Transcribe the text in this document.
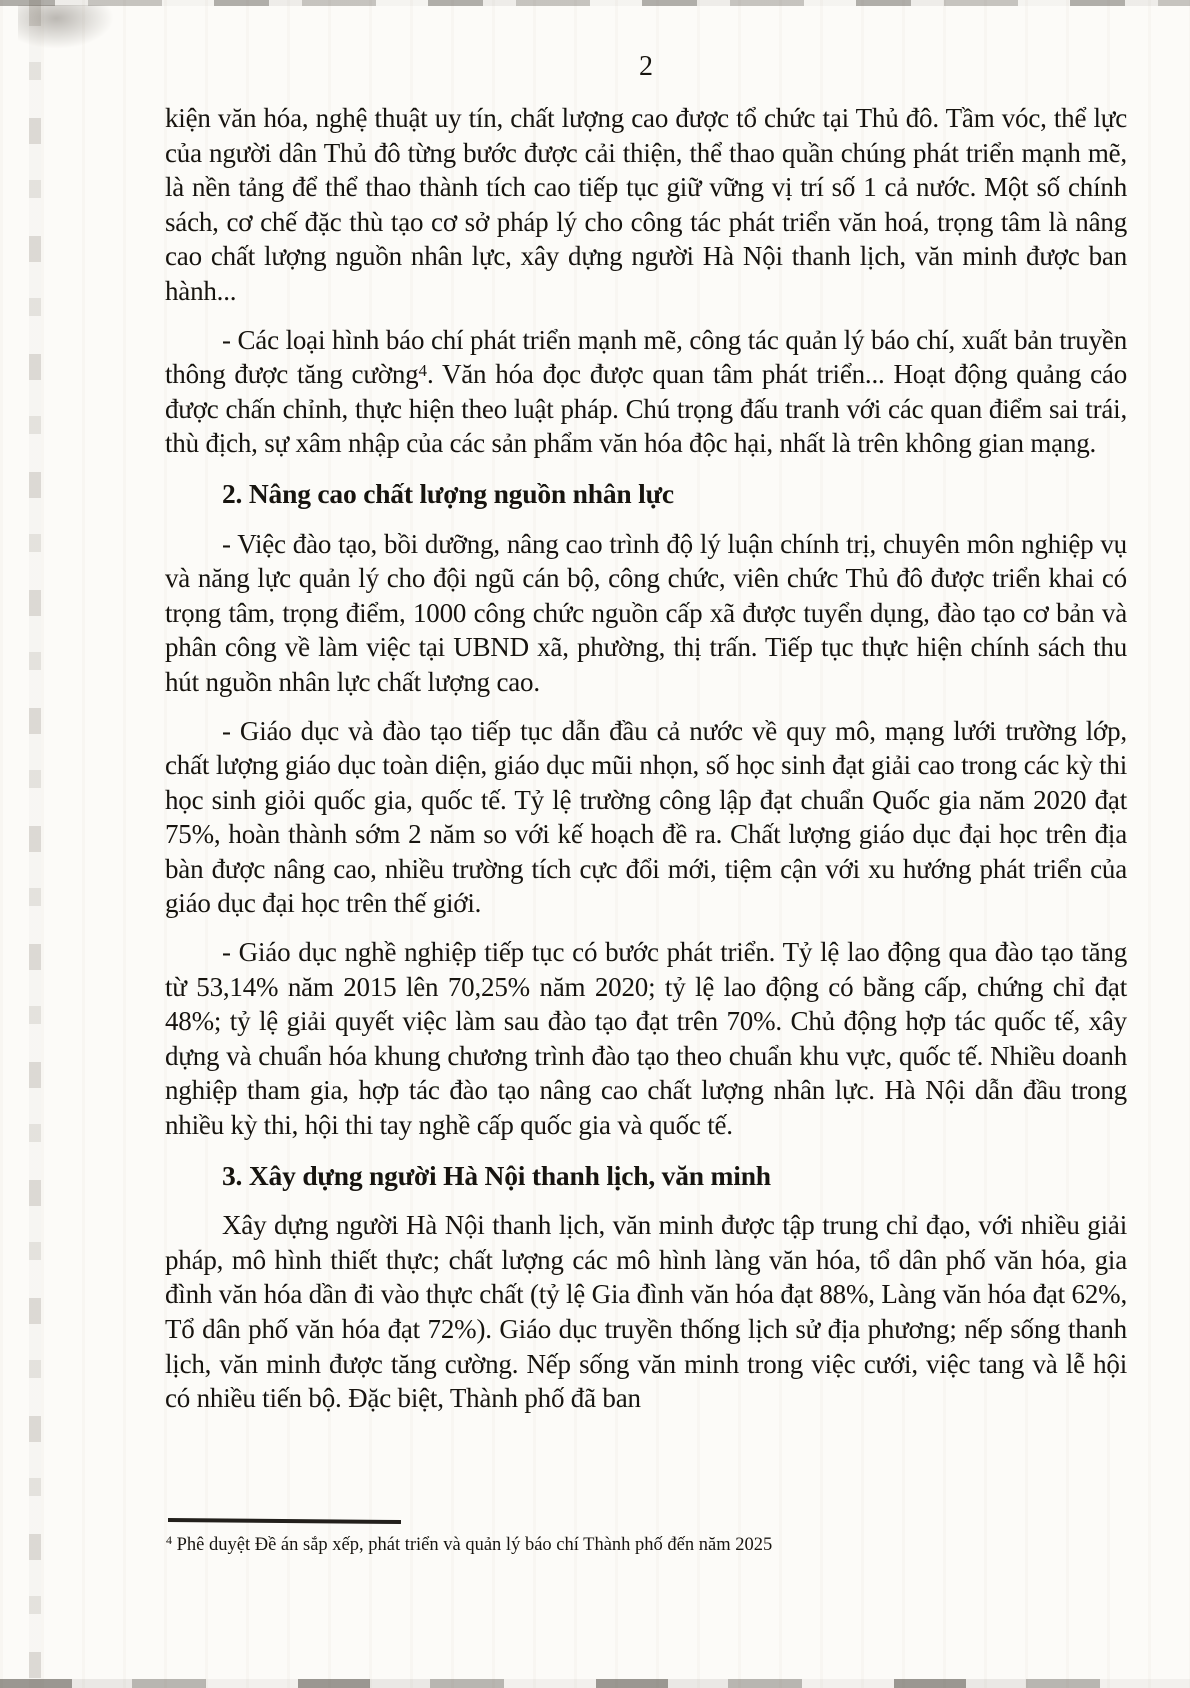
2

kiện văn hóa, nghệ thuật uy tín, chất lượng cao được tổ chức tại Thủ đô. Tầm vóc, thể lực của người dân Thủ đô từng bước được cải thiện, thể thao quần chúng phát triển mạnh mẽ, là nền tảng để thể thao thành tích cao tiếp tục giữ vững vị trí số 1 cả nước. Một số chính sách, cơ chế đặc thù tạo cơ sở pháp lý cho công tác phát triển văn hoá, trọng tâm là nâng cao chất lượng nguồn nhân lực, xây dựng người Hà Nội thanh lịch, văn minh được ban hành...

- Các loại hình báo chí phát triển mạnh mẽ, công tác quản lý báo chí, xuất bản truyền thông được tăng cường$^4$. Văn hóa đọc được quan tâm phát triển... Hoạt động quảng cáo được chấn chỉnh, thực hiện theo luật pháp. Chú trọng đấu tranh với các quan điểm sai trái, thù địch, sự xâm nhập của các sản phẩm văn hóa độc hại, nhất là trên không gian mạng.

2. Nâng cao chất lượng nguồn nhân lực

- Việc đào tạo, bồi dưỡng, nâng cao trình độ lý luận chính trị, chuyên môn nghiệp vụ và năng lực quản lý cho đội ngũ cán bộ, công chức, viên chức Thủ đô được triển khai có trọng tâm, trọng điểm, 1000 công chức nguồn cấp xã được tuyển dụng, đào tạo cơ bản và phân công về làm việc tại UBND xã, phường, thị trấn. Tiếp tục thực hiện chính sách thu hút nguồn nhân lực chất lượng cao.

- Giáo dục và đào tạo tiếp tục dẫn đầu cả nước về quy mô, mạng lưới trường lớp, chất lượng giáo dục toàn diện, giáo dục mũi nhọn, số học sinh đạt giải cao trong các kỳ thi học sinh giỏi quốc gia, quốc tế. Tỷ lệ trường công lập đạt chuẩn Quốc gia năm 2020 đạt 75%, hoàn thành sớm 2 năm so với kế hoạch đề ra. Chất lượng giáo dục đại học trên địa bàn được nâng cao, nhiều trường tích cực đổi mới, tiệm cận với xu hướng phát triển của giáo dục đại học trên thế giới.

- Giáo dục nghề nghiệp tiếp tục có bước phát triển. Tỷ lệ lao động qua đào tạo tăng từ 53,14% năm 2015 lên 70,25% năm 2020; tỷ lệ lao động có bằng cấp, chứng chỉ đạt 48%; tỷ lệ giải quyết việc làm sau đào tạo đạt trên 70%. Chủ động hợp tác quốc tế, xây dựng và chuẩn hóa khung chương trình đào tạo theo chuẩn khu vực, quốc tế. Nhiều doanh nghiệp tham gia, hợp tác đào tạo nâng cao chất lượng nhân lực. Hà Nội dẫn đầu trong nhiều kỳ thi, hội thi tay nghề cấp quốc gia và quốc tế.

3. Xây dựng người Hà Nội thanh lịch, văn minh

Xây dựng người Hà Nội thanh lịch, văn minh được tập trung chỉ đạo, với nhiều giải pháp, mô hình thiết thực; chất lượng các mô hình làng văn hóa, tổ dân phố văn hóa, gia đình văn hóa dần đi vào thực chất (tỷ lệ Gia đình văn hóa đạt 88%, Làng văn hóa đạt 62%, Tổ dân phố văn hóa đạt 72%). Giáo dục truyền thống lịch sử địa phương; nếp sống thanh lịch, văn minh được tăng cường. Nếp sống văn minh trong việc cưới, việc tang và lễ hội có nhiều tiến bộ. Đặc biệt, Thành phố đã ban

$^4$ Phê duyệt Đề án sắp xếp, phát triển và quản lý báo chí Thành phố đến năm 2025
